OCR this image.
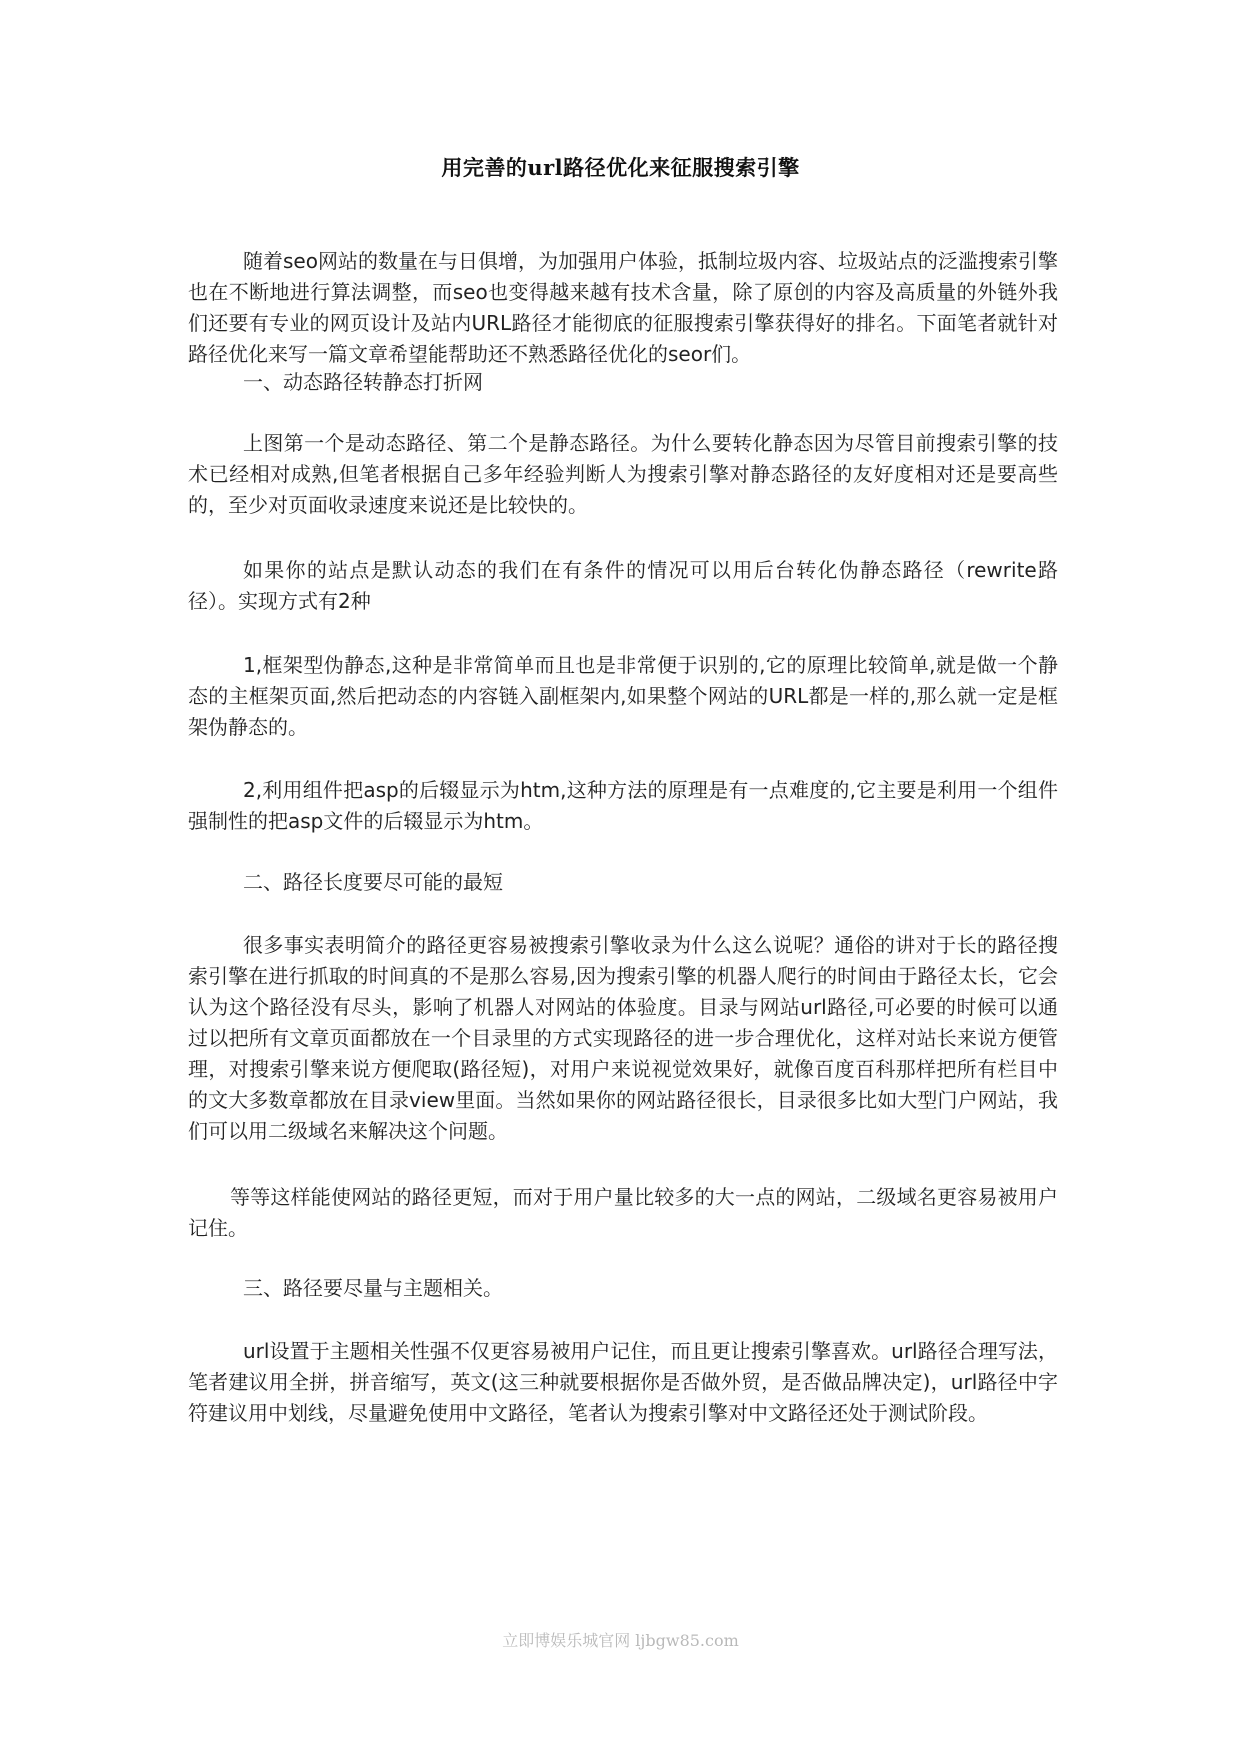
用完善的url路径优化来征服搜索引擎

随着seo网站的数量在与日俱增，为加强用户体验，抵制垃圾内容、垃圾站点的泛滥搜索引擎也在不断地进行算法调整，而seo也变得越来越有技术含量，除了原创的内容及高质量的外链外我们还要有专业的网页设计及站内URL路径才能彻底的征服搜索引擎获得好的排名。下面笔者就针对路径优化来写一篇文章希望能帮助还不熟悉路径优化的seor们。

一、动态路径转静态打折网

上图第一个是动态路径、第二个是静态路径。为什么要转化静态因为尽管目前搜索引擎的技术已经相对成熟,但笔者根据自己多年经验判断人为搜索引擎对静态路径的友好度相对还是要高些的，至少对页面收录速度来说还是比较快的。

如果你的站点是默认动态的我们在有条件的情况可以用后台转化伪静态路径（rewrite路径）。实现方式有2种

1,框架型伪静态,这种是非常简单而且也是非常便于识别的,它的原理比较简单,就是做一个静态的主框架页面,然后把动态的内容链入副框架内,如果整个网站的URL都是一样的,那么就一定是框架伪静态的。

2,利用组件把asp的后辍显示为htm,这种方法的原理是有一点难度的,它主要是利用一个组件强制性的把asp文件的后辍显示为htm。

二、路径长度要尽可能的最短

很多事实表明简介的路径更容易被搜索引擎收录为什么这么说呢？通俗的讲对于长的路径搜索引擎在进行抓取的时间真的不是那么容易,因为搜索引擎的机器人爬行的时间由于路径太长，它会认为这个路径没有尽头，影响了机器人对网站的体验度。目录与网站url路径,可必要的时候可以通过以把所有文章页面都放在一个目录里的方式实现路径的进一步合理优化，这样对站长来说方便管理，对搜索引擎来说方便爬取(路径短)，对用户来说视觉效果好，就像百度百科那样把所有栏目中的文大多数章都放在目录view里面。当然如果你的网站路径很长，目录很多比如大型门户网站，我们可以用二级域名来解决这个问题。

等等这样能使网站的路径更短，而对于用户量比较多的大一点的网站，二级域名更容易被用户记住。

三、路径要尽量与主题相关。

url设置于主题相关性强不仅更容易被用户记住，而且更让搜索引擎喜欢。url路径合理写法，笔者建议用全拼，拼音缩写，英文(这三种就要根据你是否做外贸，是否做品牌决定)，url路径中字符建议用中划线，尽量避免使用中文路径，笔者认为搜索引擎对中文路径还处于测试阶段。

立即博娱乐城官网 ljbgw85.com
